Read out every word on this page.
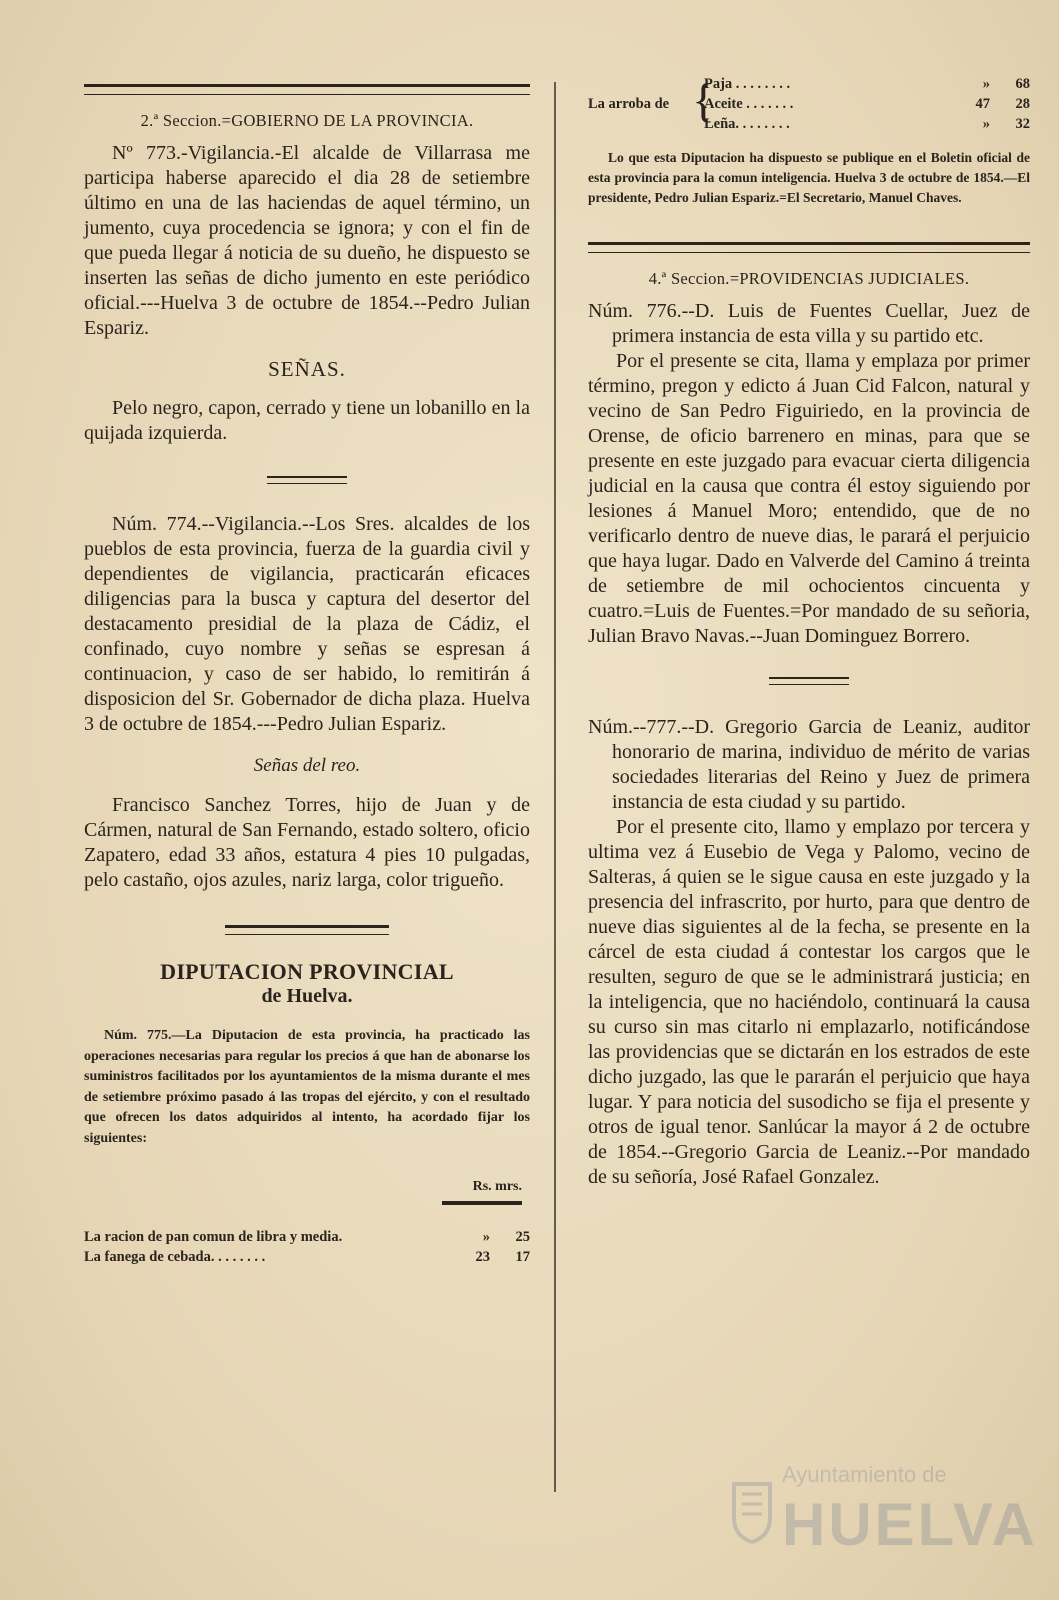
2.ª Seccion.=GOBIERNO DE LA PROVINCIA.

Nº 773.-Vigilancia.-El alcalde de Villarrasa me participa haberse aparecido el dia 28 de setiembre último en una de las haciendas de aquel término, un jumento, cuya procedencia se ignora; y con el fin de que pueda llegar á noticia de su dueño, he dispuesto se inserten las señas de dicho jumento en este periódico oficial.---Huelva 3 de octubre de 1854.--Pedro Julian Espariz.

SEÑAS.

Pelo negro, capon, cerrado y tiene un lobanillo en la quijada izquierda.

Núm. 774.--Vigilancia.--Los Sres. alcaldes de los pueblos de esta provincia, fuerza de la guardia civil y dependientes de vigilancia, practicarán eficaces diligencias para la busca y captura del desertor del destacamento presidial de la plaza de Cádiz, el confinado, cuyo nombre y señas se espresan á continuacion, y caso de ser habido, lo remitirán á disposicion del Sr. Gobernador de dicha plaza. Huelva 3 de octubre de 1854.---Pedro Julian Espariz.

Señas del reo.

Francisco Sanchez Torres, hijo de Juan y de Cármen, natural de San Fernando, estado soltero, oficio Zapatero, edad 33 años, estatura 4 pies 10 pulgadas, pelo castaño, ojos azules, nariz larga, color trigueño.

DIPUTACION PROVINCIAL
de Huelva.

Núm. 775.—La Diputacion de esta provincia, ha practicado las operaciones necesarias para regular los precios á que han de abonarse los suministros facilitados por los ayuntamientos de la misma durante el mes de setiembre próximo pasado á las tropas del ejército, y con el resultado que ofrecen los datos adquiridos al intento, ha acordado fijar los siguientes:

Rs. mrs.
La racion de pan comun de libra y media.	»	25
La fanega de cebada. . . . . . . .	23	17
La arroba de {
Paja . . . . . . . .	»	68
Aceite . . . . . . .	47	28
Leña. . . . . . . .	»	32

Lo que esta Diputacion ha dispuesto se publique en el Boletin oficial de esta provincia para la comun inteligencia. Huelva 3 de octubre de 1854.—El presidente, Pedro Julian Espariz.=El Secretario, Manuel Chaves.

4.ª Seccion.=PROVIDENCIAS JUDICIALES.

Núm. 776.--D. Luis de Fuentes Cuellar, Juez de primera instancia de esta villa y su partido etc.

Por el presente se cita, llama y emplaza por primer término, pregon y edicto á Juan Cid Falcon, natural y vecino de San Pedro Figuiriedo, en la provincia de Orense, de oficio barrenero en minas, para que se presente en este juzgado para evacuar cierta diligencia judicial en la causa que contra él estoy siguiendo por lesiones á Manuel Moro; entendido, que de no verificarlo dentro de nueve dias, le parará el perjuicio que haya lugar. Dado en Valverde del Camino á treinta de setiembre de mil ochocientos cincuenta y cuatro.=Luis de Fuentes.=Por mandado de su señoria, Julian Bravo Navas.--Juan Dominguez Borrero.

Núm.--777.--D. Gregorio Garcia de Leaniz, auditor honorario de marina, individuo de mérito de varias sociedades literarias del Reino y Juez de primera instancia de esta ciudad y su partido.

Por el presente cito, llamo y emplazo por tercera y ultima vez á Eusebio de Vega y Palomo, vecino de Salteras, á quien se le sigue causa en este juzgado y la presencia del infrascrito, por hurto, para que dentro de nueve dias siguientes al de la fecha, se presente en la cárcel de esta ciudad á contestar los cargos que le resulten, seguro de que se le administrará justicia; en la inteligencia, que no haciéndolo, continuará la causa su curso sin mas citarlo ni emplazarlo, notificándose las providencias que se dictarán en los estrados de este dicho juzgado, las que le pararán el perjuicio que haya lugar. Y para noticia del susodicho se fija el presente y otros de igual tenor. Sanlúcar la mayor á 2 de octubre de 1854.--Gregorio Garcia de Leaniz.--Por mandado de su señoría, José Rafael Gonzalez.

Ayuntamiento de
HUELVA
